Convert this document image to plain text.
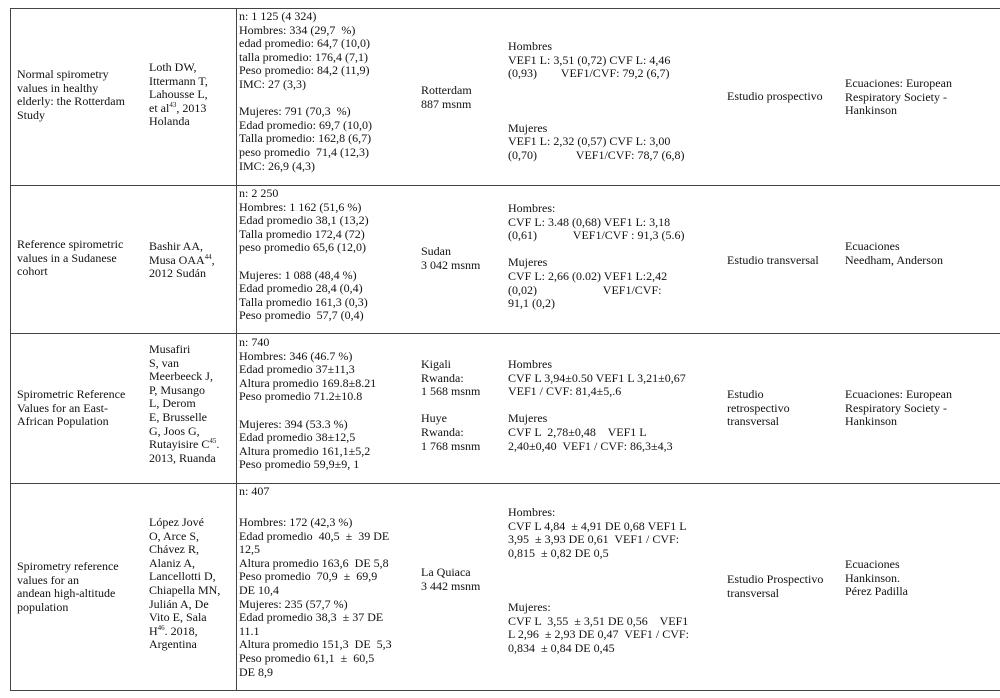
Normal spirometry
values in healthy
elderly: the Rotterdam
Study
Loth DW,
Ittermann T,
Lahousse L,
et $al^{43}$, 2013
Holanda
n: 1 125 (4 324)
Hombres: 334 (29,7  %)
edad promedio: 64,7 (10,0)
talla promedio: 176,4 (7,1)
Peso promedio: 84,2 (11,9)
IMC: 27 (3,3)

Mujeres: 791 (70,3  %)
Edad promedio: 69,7 (10,0)
Talla promedio: 162,8 (6,7)
peso promedio  71,4 (12,3)
IMC: 26,9 (4,3)
Rotterdam
887 msnm
Hombres
VEF1 L: 3,51 (0,72) CVF L: 4,46
(0,93)        VEF1/CVF: 79,2 (6,7)

Mujeres
VEF1 L: 2,32 (0,57) CVF L: 3,00
(0,70)             VEF1/CVF: 78,7 (6,8)
Estudio prospectivo
Ecuaciones: European
Respiratory Society -
Hankinson
Reference spirometric
values in a Sudanese
cohort
Bashir AA,
Musa OAA$^{44}$,
2012 Sudán
n: 2 250
Hombres: 1 162 (51,6 %)
Edad promedio 38,1 (13,2)
Talla promedio 172,4 (72)
peso promedio 65,6 (12,0)

Mujeres: 1 088 (48,4 %)
Edad promedio 28,4 (0,4)
Talla promedio 161,3 (0,3)
Peso promedio  57,7 (0,4)
Sudan
3 042 msnm
Hombres:
CVF L: 3.48 (0,68) VEF1 L: 3,18
(0,61)            VEF1/CVF : 91,3 (5.6)

Mujeres
CVF L: 2,66 (0.02) VEF1 L:2,42
(0,02)                      VEF1/CVF:
91,1 (0,2)
Estudio transversal
Ecuaciones
Needham, Anderson
Spirometric Reference
Values for an East-
African Population
Musafiri
S, van
Meerbeeck J,
P, Musango
L, Derom
E, Brusselle
G, Joos G,
Rutayisire $C^{45}$.
2013, Ruanda
n: 740
Hombres: 346 (46.7 %)
Edad promedio 37±11,3
Altura promedio 169.8±8.21
Peso promedio 71.2±10.8

Mujeres: 394 (53.3 %)
Edad promedio 38±12,5
Altura promedio 161,1±5,2
Peso promedio 59,9±9, 1
Kigali
Rwanda:
1 568 msnm

Huye
Rwanda:
1 768 msnm
Hombres
CVF L 3,94±0.50 VEF1 L 3,21±0,67
VEF1 / CVF: 81,4±5,.6

Mujeres
CVF L  2,78±0,48    VEF1 L
2,40±0,40  VEF1 / CVF: 86,3±4,3
Estudio
retrospectivo
transversal
Ecuaciones: European
Respiratory Society -
Hankinson
Spirometry reference
values for an
andean high-altitude
population
López Jové
O, Arce S,
Chávez R,
Alaniz A,
Lancellotti D,
Chiapella MN,
Julián A, De
Vito E, Sala
$H^{46}$. 2018,
Argentina
n: 407
Hombres: 172 (42,3 %)
Edad promedio  40,5  ±  39 DE
12,5
Altura promedio 163,6  DE 5,8
Peso promedio  70,9  ±  69,9
DE 10,4
Mujeres: 235 (57,7 %)
Edad promedio 38,3  ± 37 DE
11.1
Altura promedio 151,3  DE  5,3
Peso promedio 61,1  ±  60,5
DE 8,9
La Quiaca
3 442 msnm
Hombres:
CVF L 4,84  ± 4,91 DE 0,68 VEF1 L
3,95  ± 3,93 DE 0,61  VEF1 / CVF:
0,815  ± 0,82 DE 0,5

Mujeres:
CVF L  3,55  ± 3,51 DE 0,56    VEF1
L 2,96  ± 2,93 DE 0,47  VEF1 / CVF:
0,834  ± 0,84 DE 0,45
Estudio Prospectivo
transversal
Ecuaciones
Hankinson.
Pérez Padilla
